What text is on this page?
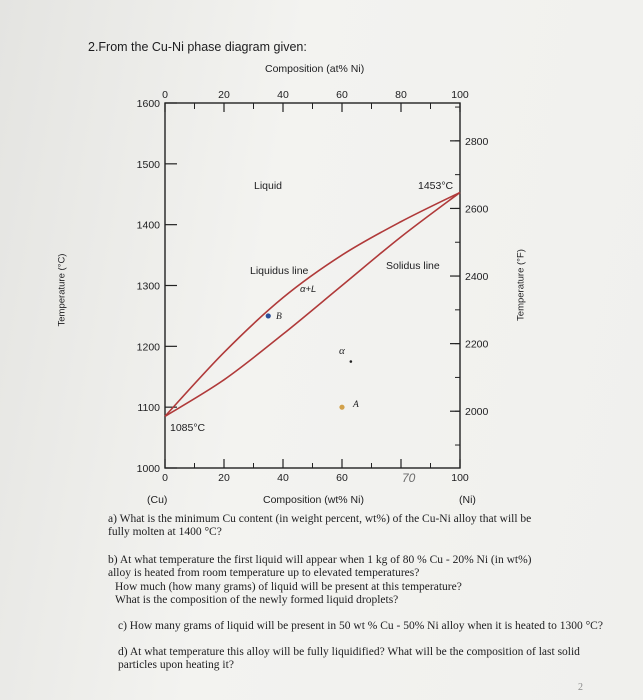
2.From the Cu-Ni phase diagram given:
Composition (at% Ni)
0	20	40	60	80	100
0	20	40	60	100
1600
1500
1400
1300
1200
1100
1000
2800
2600
2400
2200
2000
Liquid	1453°C
Liquidus line	Solidus line
α+L
B
α
A
1085°C
70
Composition (wt% Ni)
(Cu)	(Ni)
Temperature (°C)	Temperature (°F)
a) What is the minimum Cu content (in weight percent, wt%) of the Cu-Ni alloy that will be fully molten at 1400 °C?
b) At what temperature the first liquid will appear when 1 kg of 80 % Cu - 20% Ni (in wt%) alloy is heated from room temperature up to elevated temperatures?
How much (how many grams) of liquid will be present at this temperature?
What is the composition of the newly formed liquid droplets?
c) How many grams of liquid will be present in 50 wt % Cu - 50% Ni alloy when it is heated to 1300 °C?
d) At what temperature this alloy will be fully liquidified? What will be the composition of last solid particles upon heating it?
2
